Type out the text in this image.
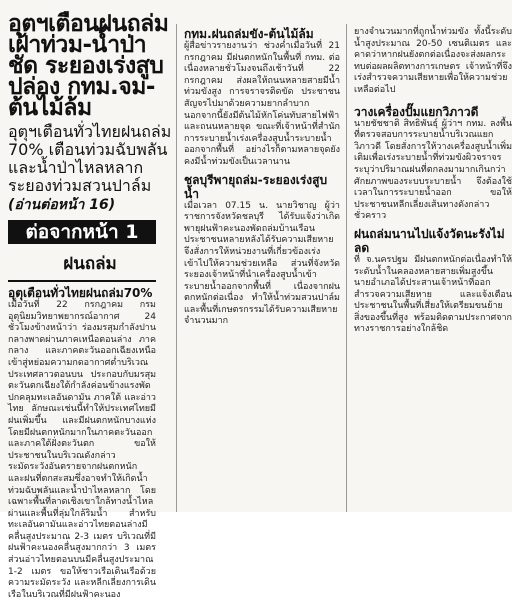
อุตฯเตือนฝนถล่ม เฝ้าท่วม-น้ำป่าชัด ระยองเร่งสูบปล่อง กทม.จม-ต้นไม้ล้ม
อุตุฯเตือนทั่วไทยฝนถล่ม 70% เตือนท่วมฉับพลันและน้ำป่าไหลหลาก ระยองท่วมสวนปาล์ม (อ่านต่อหน้า 16)
ต่อจากหน้า 1
ฝนถล่ม
อุตุเตือนทั่วไทยฝนถล่ม70%
เมื่อวันที่ 22 กรกฎาคม กรมอุตุนิยมวิทยาพยากรณ์อากาศ 24 ชั่วโมงข้างหน้าว่า ร่องมรสุมกำลังปานกลางพาดผ่านภาคเหนือตอนล่าง ภาคกลาง และภาคตะวันออกเฉียงเหนือ เข้าสู่หย่อมความกดอากาศต่ำบริเวณประเทศลาวตอนบน ประกอบกับมรสุมตะวันตกเฉียงใต้กำลังค่อนข้างแรงพัดปกคลุมทะเลอันดามัน ภาคใต้ และอ่าวไทย ลักษณะเช่นนี้ทำให้ประเทศไทยมีฝนเพิ่มขึ้น และมีฝนตกหนักบางแห่ง โดยมีฝนตกหนักมากในภาคตะวันออกและภาคใต้ฝั่งตะวันตก ขอให้ประชาชนในบริเวณดังกล่าวระมัดระวังอันตรายจากฝนตกหนัก และฝนที่ตกสะสมซึ่งอาจทำให้เกิดน้ำท่วมฉับพลันและน้ำป่าไหลหลาก โดยเฉพาะพื้นที่ลาดเชิงเขาใกล้ทางน้ำไหลผ่านและพื้นที่ลุ่มใกล้ริมน้ำ สำหรับทะเลอันดามันและอ่าวไทยตอนล่างมีคลื่นสูงประมาณ 2-3 เมตร บริเวณที่มีฝนฟ้าคะนองคลื่นสูงมากกว่า 3 เมตร ส่วนอ่าวไทยตอนบนมีคลื่นสูงประมาณ 1-2 เมตร ขอให้ชาวเรือเดินเรือด้วยความระมัดระวัง และหลีกเลี่ยงการเดินเรือในบริเวณที่มีฝนฟ้าคะนอง
กทม.ฝนถล่มขัง-ต้นไม้ล้ม
ผู้สื่อข่าวรายงานว่า ช่วงค่ำเมื่อวันที่ 21 กรกฎาคม มีฝนตกหนักในพื้นที่ กทม. ต่อเนื่องหลายชั่วโมงจนถึงเช้าวันที่ 22 กรกฎาคม ส่งผลให้ถนนหลายสายมีน้ำท่วมขังสูง การจราจรติดขัด ประชาชนสัญจรไปมาด้วยความยากลำบาก นอกจากนี้ยังมีต้นไม้หักโค่นทับสายไฟฟ้าและถนนหลายจุด ขณะที่เจ้าหน้าที่สำนักการระบายน้ำเร่งเครื่องสูบน้ำระบายน้ำออกจากพื้นที่ อย่างไรก็ตามหลายจุดยังคงมีน้ำท่วมขังเป็นเวลานาน
ชลบุรีพายุถล่ม-ระยองเร่งสูบน้ำ
เมื่อเวลา 07.15 น. นายวิชาญ ผู้ว่าราชการจังหวัดชลบุรี ได้รับแจ้งว่าเกิดพายุฝนฟ้าคะนองพัดถล่มบ้านเรือนประชาชนหลายหลังได้รับความเสียหาย จึงสั่งการให้หน่วยงานที่เกี่ยวข้องเร่งเข้าไปให้ความช่วยเหลือ ส่วนที่จังหวัดระยองเจ้าหน้าที่นำเครื่องสูบน้ำเข้าระบายน้ำออกจากพื้นที่ เนื่องจากฝนตกหนักต่อเนื่อง ทำให้น้ำท่วมสวนปาล์มและพื้นที่เกษตรกรรมได้รับความเสียหายจำนวนมาก
ยางจำนวนมากที่ถูกน้ำท่วมขัง ทั้งนี้ระดับน้ำสูงประมาณ 20-50 เซนติเมตร และคาดว่าหากฝนยังตกต่อเนื่องจะส่งผลกระทบต่อผลผลิตทางการเกษตร เจ้าหน้าที่จึงเร่งสำรวจความเสียหายเพื่อให้ความช่วยเหลือต่อไป
วางเครื่องปั๊มแยกวิภาวดี
นายชัชชาติ สิทธิพันธุ์ ผู้ว่าฯ กทม. ลงพื้นที่ตรวจสอบการระบายน้ำบริเวณแยกวิภาวดี โดยสั่งการให้วางเครื่องสูบน้ำเพิ่มเติมเพื่อเร่งระบายน้ำที่ท่วมขังผิวจราจร ระบุว่าปริมาณฝนที่ตกลงมามากเกินกว่าศักยภาพของระบบระบายน้ำ จึงต้องใช้เวลาในการระบายน้ำออก ขอให้ประชาชนหลีกเลี่ยงเส้นทางดังกล่าวชั่วคราว
ฝนถล่มนานไปแจ้งวัดนะรังไม่ลด
ที่ จ.นครปฐม มีฝนตกหนักต่อเนื่องทำให้ระดับน้ำในคลองหลายสายเพิ่มสูงขึ้น นายอำเภอได้ประสานเจ้าหน้าที่ออกสำรวจความเสียหาย และแจ้งเตือนประชาชนในพื้นที่เสี่ยงให้เตรียมขนย้ายสิ่งของขึ้นที่สูง พร้อมติดตามประกาศจากทางราชการอย่างใกล้ชิด
